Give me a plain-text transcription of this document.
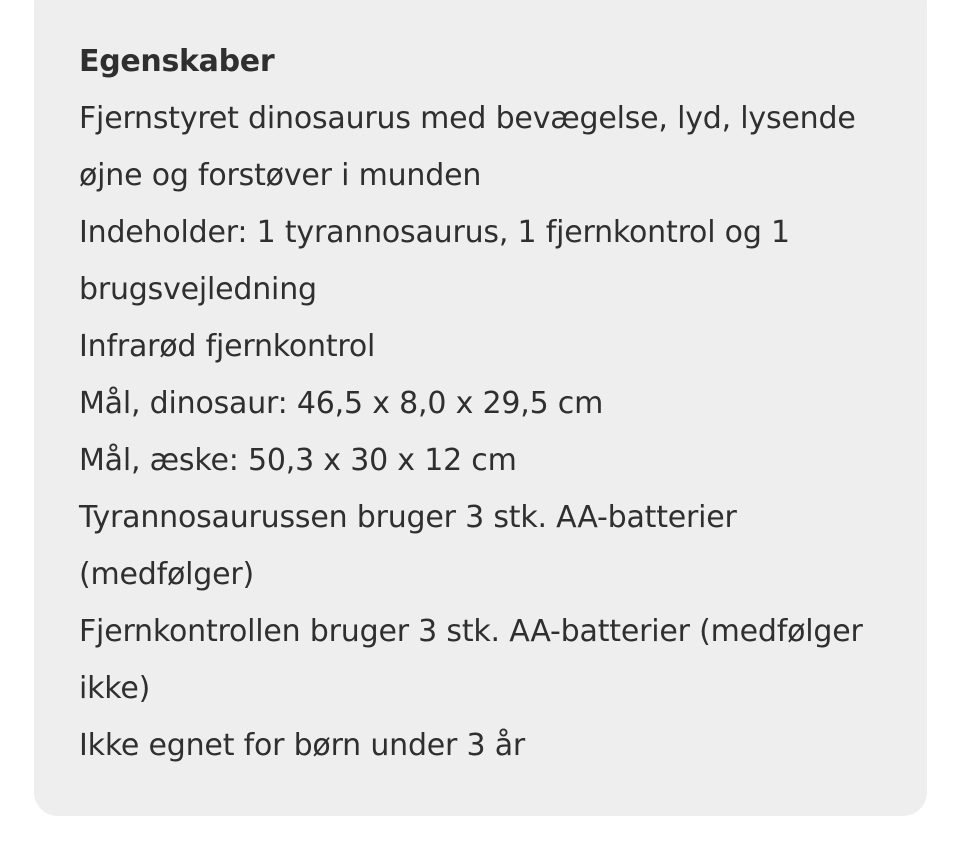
Egenskaber
Fjernstyret dinosaurus med bevægelse, lyd, lysende øjne og forstøver i munden
Indeholder: 1 tyrannosaurus, 1 fjernkontrol og 1 brugsvejledning
Infrarød fjernkontrol
Mål, dinosaur: 46,5 x 8,0 x 29,5 cm
Mål, æske: 50,3 x 30 x 12 cm
Tyrannosaurussen bruger 3 stk. AA-batterier (medfølger)
Fjernkontrollen bruger 3 stk. AA-batterier (medfølger ikke)
Ikke egnet for børn under 3 år
